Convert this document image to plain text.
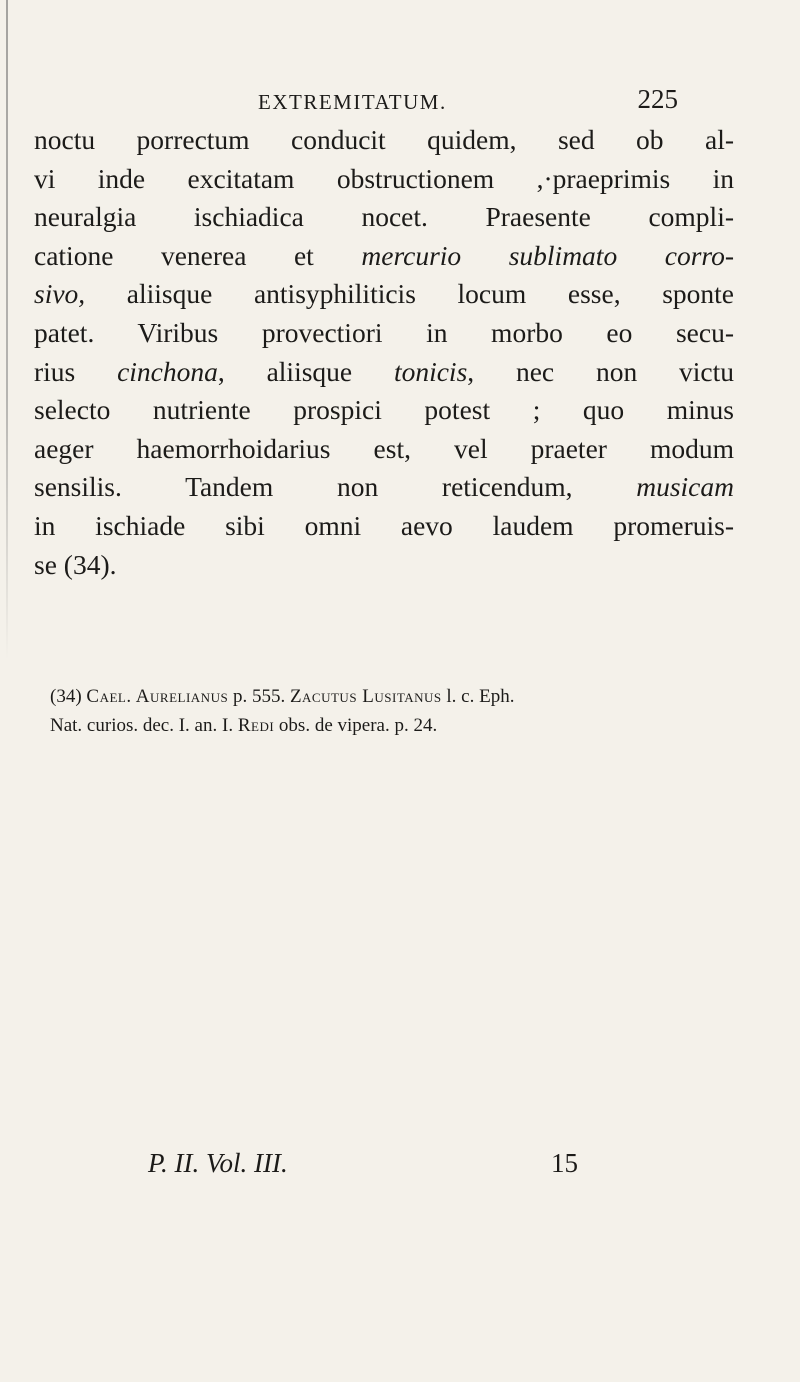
EXTREMITATUM.	225
noctu porrectum conducit quidem, sed ob al-
vi inde excitatam obstructionem ,·praeprimis in
neuralgia ischiadica nocet. Praesente compli-
catione venerea et mercurio sublimato corro-
sivo, aliisque antisyphiliticis locum esse, sponte
patet. Viribus provectiori in morbo eo secu-
rius cinchona, aliisque tonicis, nec non victu
selecto nutriente prospici potest ; quo minus
aeger haemorrhoidarius est, vel praeter modum
sensilis. Tandem non reticendum, musicam
in ischiade sibi omni aevo laudem promeruis-
se (34).
(34) Cael. Aurelianus p. 555. Zacutus Lusitanus l. c. Eph.
Nat. curios. dec. I. an. I. Redi obs. de vipera. p. 24.
P. II. Vol. III.	15
